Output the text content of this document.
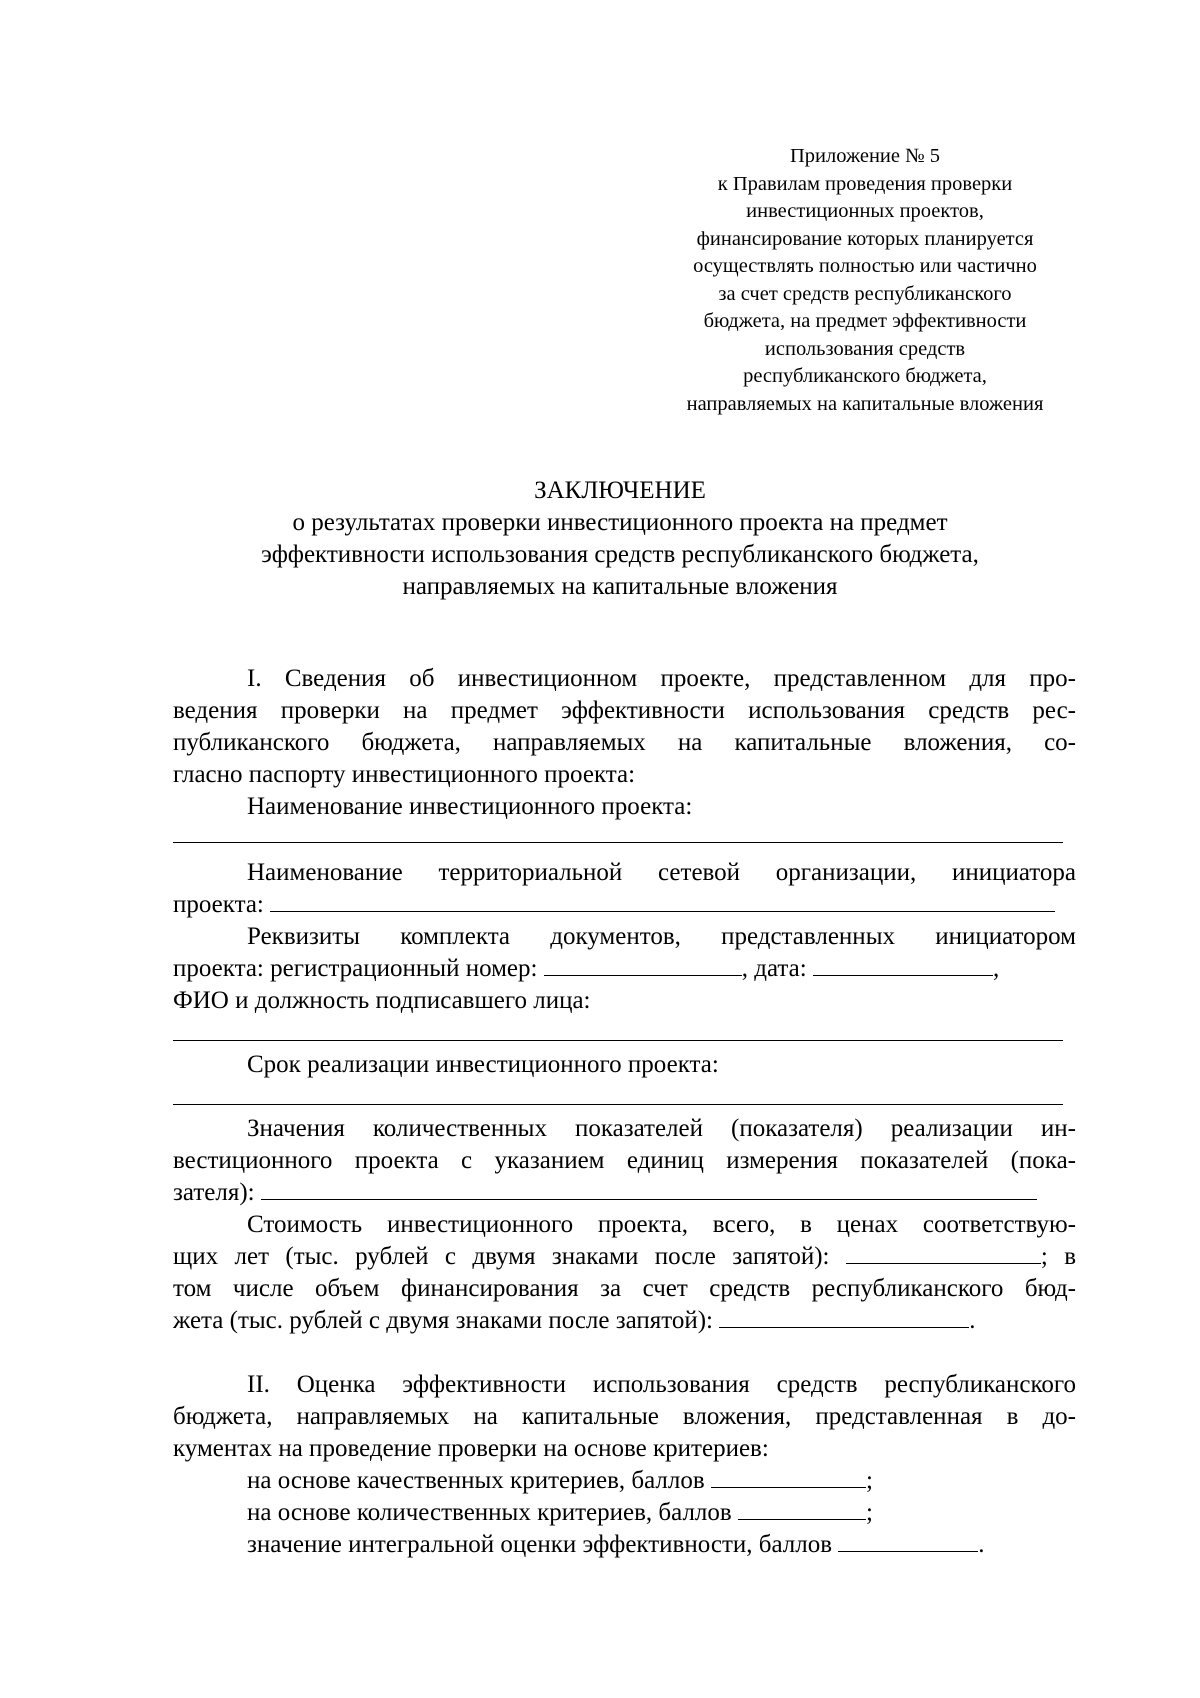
Приложение № 5
к Правилам проведения проверки
инвестиционных проектов,
финансирование которых планируется
осуществлять полностью или частично
за счет средств республиканского
бюджета, на предмет эффективности
использования средств
республиканского бюджета,
направляемых на капитальные вложения
ЗАКЛЮЧЕНИЕ
о результатах проверки инвестиционного проекта на предмет
эффективности использования средств республиканского бюджета,
направляемых на капитальные вложения
I. Сведения об инвестиционном проекте, представленном для про-
ведения проверки на предмет эффективности использования средств рес-
публиканского бюджета, направляемых на капитальные вложения, со-
гласно паспорту инвестиционного проекта:
Наименование инвестиционного проекта:
Наименование территориальной сетевой организации, инициатора
проекта:
Реквизиты комплекта документов, представленных инициатором
проекта: регистрационный номер:	, дата:	,
ФИО и должность подписавшего лица:
Срок реализации инвестиционного проекта:
Значения количественных показателей (показателя) реализации ин-
вестиционного проекта с указанием единиц измерения показателей (пока-
зателя):
Стоимость инвестиционного проекта, всего, в ценах соответствую-
щих лет (тыс. рублей с двумя знаками после запятой):	; в
том числе объем финансирования за счет средств республиканского бюд-
жета (тыс. рублей с двумя знаками после запятой):	.
II. Оценка эффективности использования средств республиканского
бюджета, направляемых на капитальные вложения, представленная в до-
кументах на проведение проверки на основе критериев:
на основе качественных критериев, баллов	;
на основе количественных критериев, баллов	;
значение интегральной оценки эффективности, баллов	.
